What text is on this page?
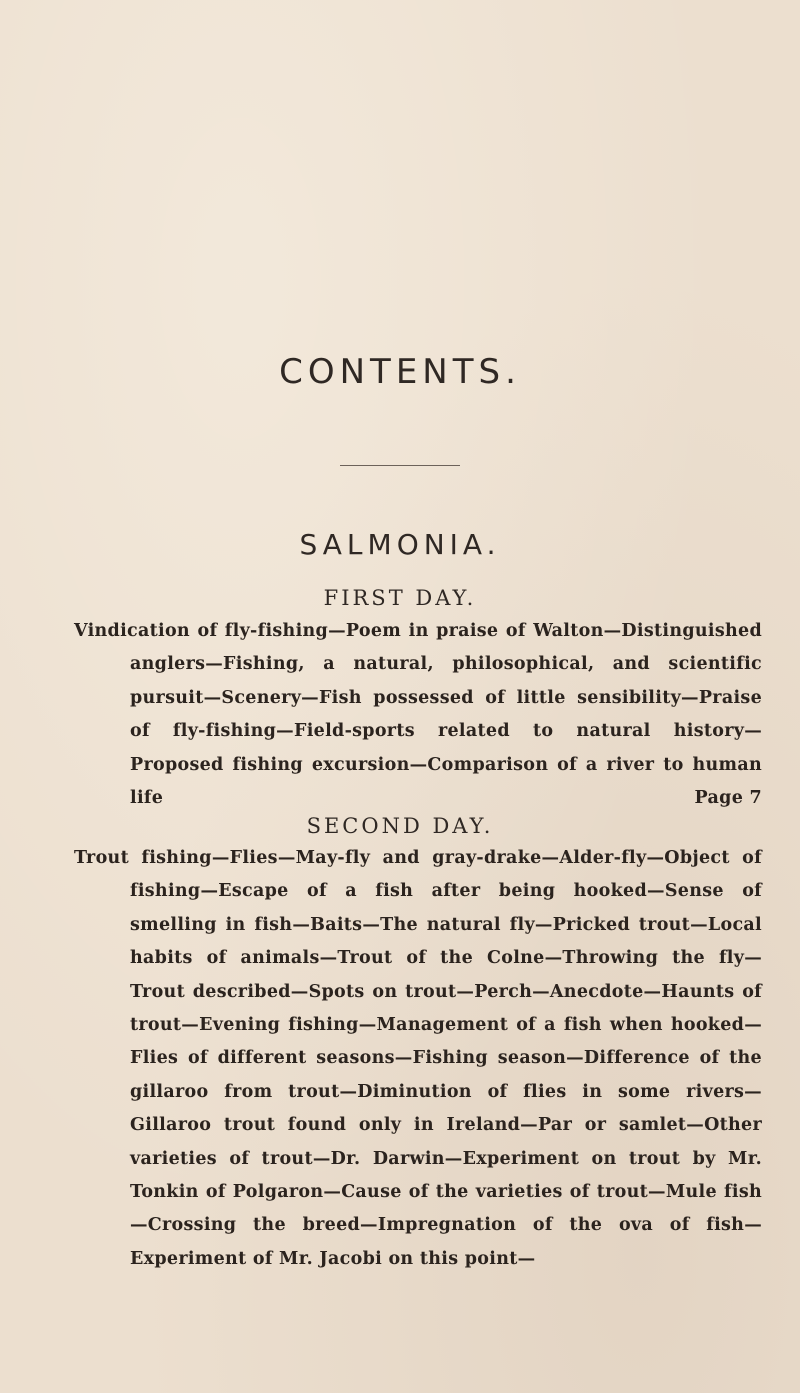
CONTENTS.
SALMONIA.
FIRST DAY.

Vindication of fly-fishing—Poem in praise of Walton—Distinguished anglers—Fishing, a natural, philosophical, and scientific pursuit—Scenery—Fish possessed of little sensibility—Praise of fly-fishing—Field-sports related to natural history—Proposed fishing excursion—Comparison of a river to human life	Page 7

SECOND DAY.

Trout fishing—Flies—May-fly and gray-drake—Alder-fly—Object of fishing—Escape of a fish after being hooked—Sense of smelling in fish—Baits—The natural fly—Pricked trout—Local habits of animals—Trout of the Colne—Throwing the fly—Trout described—Spots on trout—Perch—Anecdote—Haunts of trout—Evening fishing—Management of a fish when hooked—Flies of different seasons—Fishing season—Difference of the gillaroo from trout—Diminution of flies in some rivers—Gillaroo trout found only in Ireland—Par or samlet—Other varieties of trout—Dr. Darwin—Experiment on trout by Mr. Tonkin of Polgaron—Cause of the varieties of trout—Mule fish—Crossing the breed—Impregnation of the ova of fish—Experiment of Mr. Jacobi on this point—
